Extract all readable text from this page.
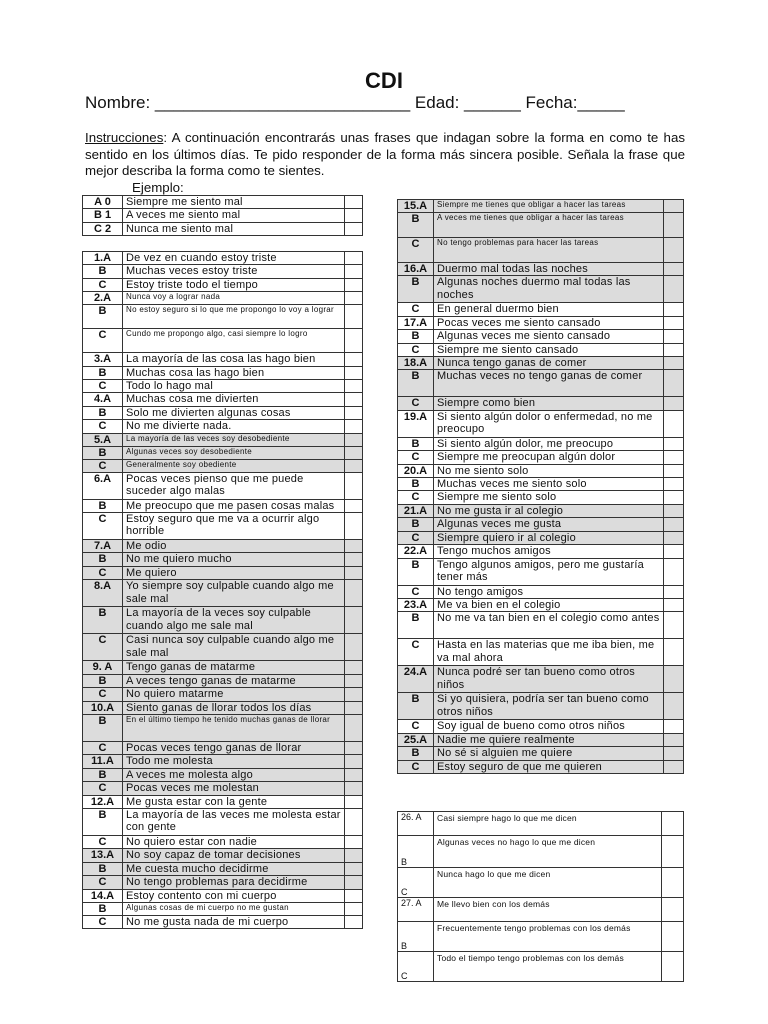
CDI
Nombre: ___________________________ Edad: ______ Fecha:_____
Instrucciones: A continuación encontrarás unas frases que indagan sobre la forma en como te has sentido en los últimos días. Te pido responder de la forma más sincera posible. Señala la frase que mejor describa la forma como te sientes.
Ejemplo:
A 0	Siempre me siento mal	
B 1	A veces me siento mal	
C 2	Nunca me siento mal	
1.A	De vez en cuando estoy triste	
B	Muchas veces estoy triste	
C	Estoy triste todo el tiempo	
2.A	Nunca voy a lograr nada	
B	No estoy seguro si lo que me propongo lo voy a lograr	
C	Cundo me propongo algo, casi siempre lo logro	
3.A	La mayoría de las cosa las hago bien	
B	Muchas cosa las hago bien	
C	Todo lo hago mal	
4.A	Muchas cosa me divierten	
B	Solo me divierten algunas cosas	
C	No me divierte nada.	
5.A	La mayoría de las veces soy desobediente	
B	Algunas veces soy desobediente	
C	Generalmente soy obediente	
6.A	Pocas veces pienso que me puede suceder algo malas	
B	Me preocupo que me pasen cosas malas	
C	Estoy seguro que me va a ocurrir algo horrible	
7.A	Me odio	
B	No me quiero mucho	
C	Me quiero	
8.A	Yo siempre soy culpable cuando algo me sale mal	
B	La mayoría de la veces soy culpable cuando algo me sale mal	
C	Casi nunca soy culpable cuando algo me sale mal	
9. A	Tengo ganas de matarme	
B	A veces tengo ganas de matarme	
C	No quiero matarme	
10.A	Siento ganas de llorar todos los días	
B	En el último tiempo he tenido muchas ganas de llorar	
C	Pocas veces tengo ganas de llorar	
11.A	Todo me molesta	
B	A veces me molesta algo	
C	Pocas veces me molestan	
12.A	Me gusta estar con la gente	
B	La mayoría de las veces me molesta estar con gente	
C	No quiero estar con nadie	
13.A	No soy capaz de tomar decisiones	
B	Me cuesta mucho decidirme	
C	No tengo problemas para decidirme	
14.A	Estoy contento con mi cuerpo	
B	Algunas cosas de mi cuerpo no me gustan	
C	No me gusta nada de mi cuerpo	
15.A	Siempre me tienes que obligar a hacer las tareas	
B	A veces me tienes que obligar a hacer las tareas	
C	No tengo problemas para hacer las tareas	
16.A	Duermo mal todas las noches	
B	Algunas noches duermo mal todas las noches	
C	En general duermo bien	
17.A	Pocas veces me siento cansado	
B	Algunas veces me siento cansado	
C	Siempre me siento cansado	
18.A	Nunca tengo ganas de comer	
B	Muchas veces no tengo ganas de comer	
C	Siempre como bien	
19.A	Si siento algún dolor o enfermedad, no me preocupo	
B	Si siento algún dolor, me preocupo	
C	Siempre me preocupan algún dolor	
20.A	No me siento solo	
B	Muchas veces me siento solo	
C	Siempre me siento solo	
21.A	No me gusta ir al colegio	
B	Algunas veces me gusta	
C	Siempre quiero ir al colegio	
22.A	Tengo muchos amigos	
B	Tengo algunos amigos, pero me gustaría tener más	
C	No tengo amigos	
23.A	Me va bien en el colegio	
B	No me va tan bien en el colegio como antes	
C	Hasta en las materias que me iba bien, me va mal ahora	
24.A	Nunca podré ser tan bueno como otros niños	
B	Si yo quisiera, podría ser tan bueno como otros niños	
C	Soy igual de bueno como otros niños	
25.A	Nadie me quiere realmente	
B	No sé si alguien me quiere	
C	Estoy seguro de que me quieren	
26. A	Casi siempre hago lo que me dicen	
B	Algunas veces no hago lo que me dicen	
C	Nunca hago lo que me dicen	
27. A	Me llevo bien con los demás	
B	Frecuentemente tengo problemas con los demás	
C	Todo el tiempo tengo problemas con los demás	
